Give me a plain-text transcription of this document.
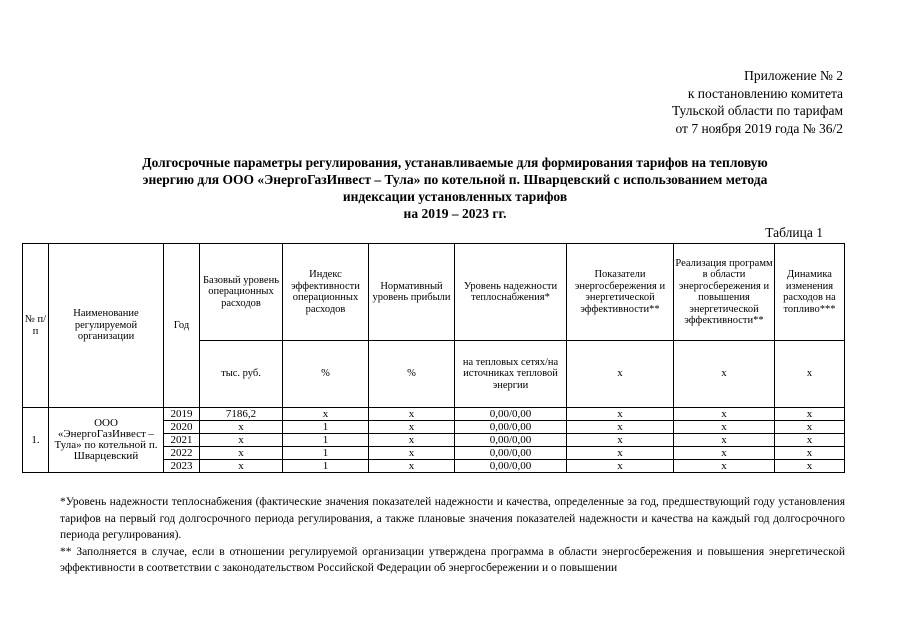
Приложение № 2
к постановлению комитета
Тульской области по тарифам
от 7 ноября 2019 года № 36/2
Долгосрочные параметры регулирования, устанавливаемые для формирования тарифов на тепловую
энергию для ООО «ЭнергоГазИнвест – Тула» по котельной п. Шварцевский с использованием метода
индексации установленных тарифов
на 2019 – 2023 гг.
Таблица 1
№ п/п	Наименование регулируемой организации	Год	Базовый уровень операционных расходов	Индекс эффективности операционных расходов	Нормативный уровень прибыли	Уровень надежности теплоснабжения*	Показатели энергосбережения и энергетической эффективности**	Реализация программ в области энергосбережения и повышения энергетической эффективности**	Динамика изменения расходов на топливо***
			тыс. руб.	%	%	на тепловых сетях/на источниках тепловой энергии	х	х	х
1.	ООО «ЭнергоГазИнвест – Тула» по котельной п. Шварцевский	2019	7186,2	х	х	0,00/0,00	х	х	х
		2020	х	1	х	0,00/0,00	х	х	х
		2021	х	1	х	0,00/0,00	х	х	х
		2022	х	1	х	0,00/0,00	х	х	х
		2023	х	1	х	0,00/0,00	х	х	х

*Уровень надежности теплоснабжения (фактические значения показателей надежности и качества, определенные за год, предшествующий году установления тарифов на первый год долгосрочного периода регулирования, а также плановые значения показателей надежности и качества на каждый год долгосрочного периода регулирования).

** Заполняется в случае, если в отношении регулируемой организации утверждена программа в области энергосбережения и повышения энергетической эффективности в соответствии с законодательством Российской Федерации об энергосбережении и о повышении
